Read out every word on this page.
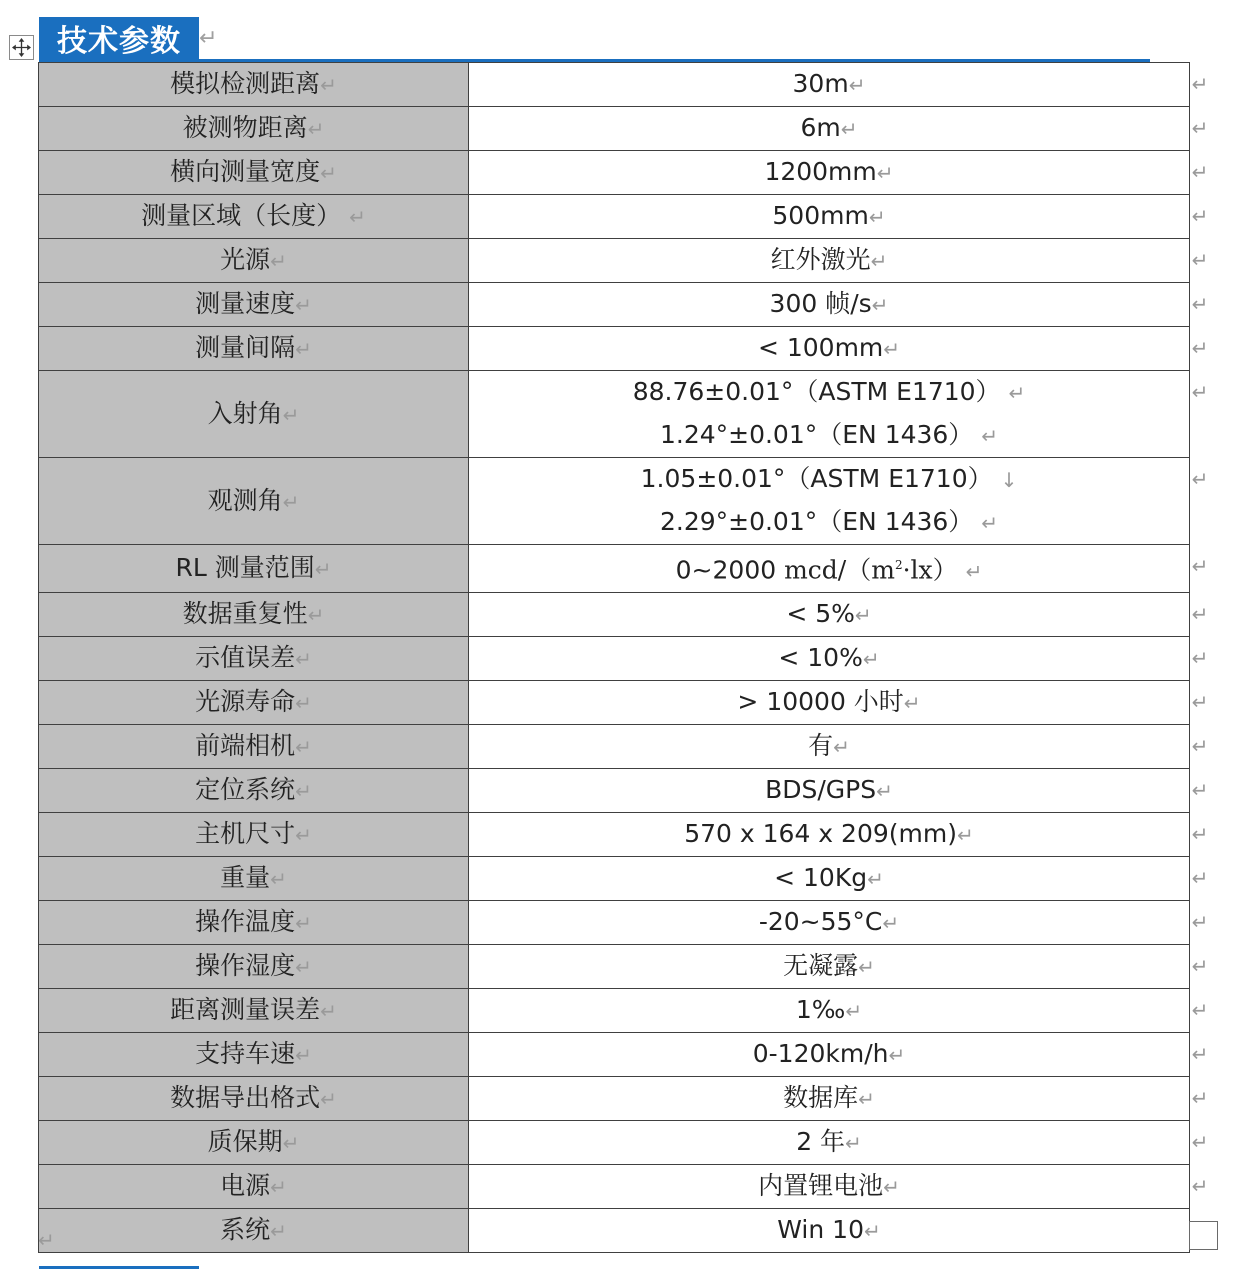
技术参数 ↵
模拟检测距离↵	30m↵
被测物距离↵	6m↵
横向测量宽度↵	1200mm↵
测量区域（长度） ↵	500mm↵
光源↵	红外激光↵
测量速度↵	300 帧/s↵
测量间隔↵	< 100mm↵
入射角↵	88.76±0.01°（ASTM E1710） ↵
1.24°±0.01°（EN 1436） ↵

观测角↵	1.05±0.01°（ASTM E1710） ↓
2.29°±0.01°（EN 1436） ↵

RL 测量范围↵	0~2000 mcd/$(m^2\cdot lx)$ ↵
数据重复性↵	< 5%↵
示值误差↵	< 10%↵
光源寿命↵	> 10000 小时↵
前端相机↵	有↵
定位系统↵	BDS/GPS↵
主机尺寸↵	570 x 164 x 209(mm)↵
重量↵	< 10Kg↵
操作温度↵	-20~55°C↵
操作湿度↵	无凝露↵
距离测量误差↵	1‰↵
支持车速↵	0-120km/h↵
数据导出格式↵	数据库↵
质保期↵	2 年↵
电源↵	内置锂电池↵
系统↵	Win 10↵
↵
↵
↵
↵
↵
↵
↵
↵
↵
↵
↵
↵
↵
↵
↵
↵
↵
↵
↵
↵
↵
↵
↵
↵
↵
